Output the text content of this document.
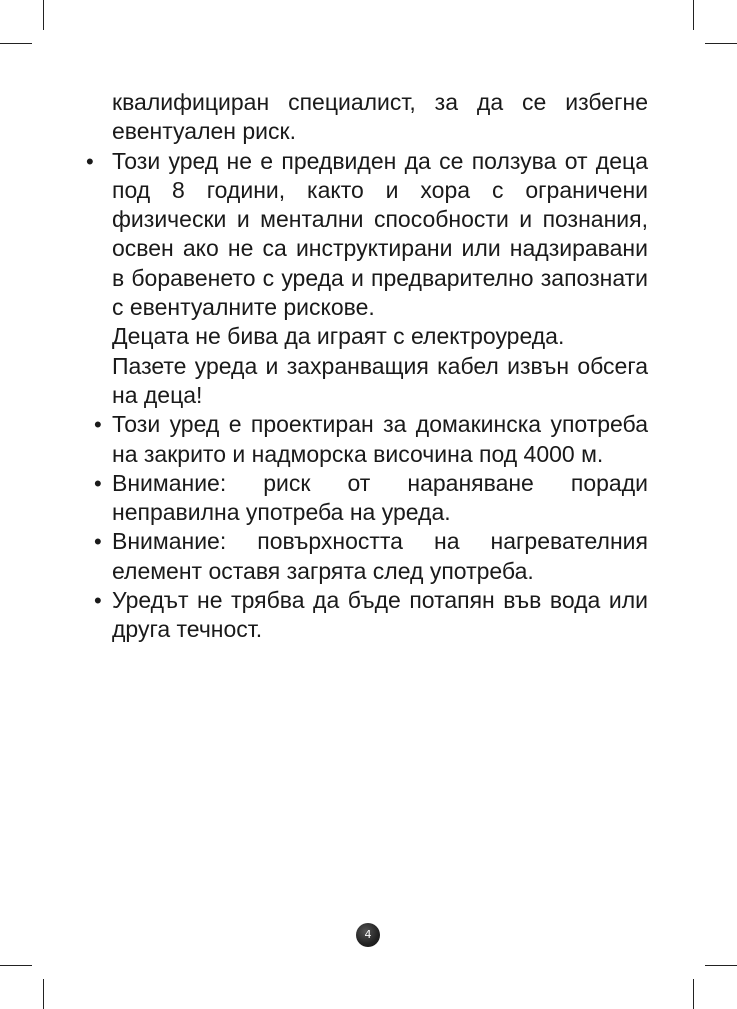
квалифициран специалист, за да се избегне евентуален риск.
• Този уред не е предвиден да се ползува от деца под 8 години, както и хора с ограничени физически и ментални способности и познания, освен ако не са инструктирани или надзиравани в боравенето с уреда и предварително запознати с евентуалните рискове.
Децата не бива да играят с електроуреда.
Пазете уреда и захранващия кабел извън обсега на деца!
• Този уред е проектиран за домакинска употреба на закрито и надморска височина под 4000 м.
• Внимание: риск от нараняване поради неправилна употреба на уреда.
• Внимание: повърхността на нагревателния елемент оставя загрята след употреба.
• Уредът не трябва да бъде потапян във вода или друга течност.
4
